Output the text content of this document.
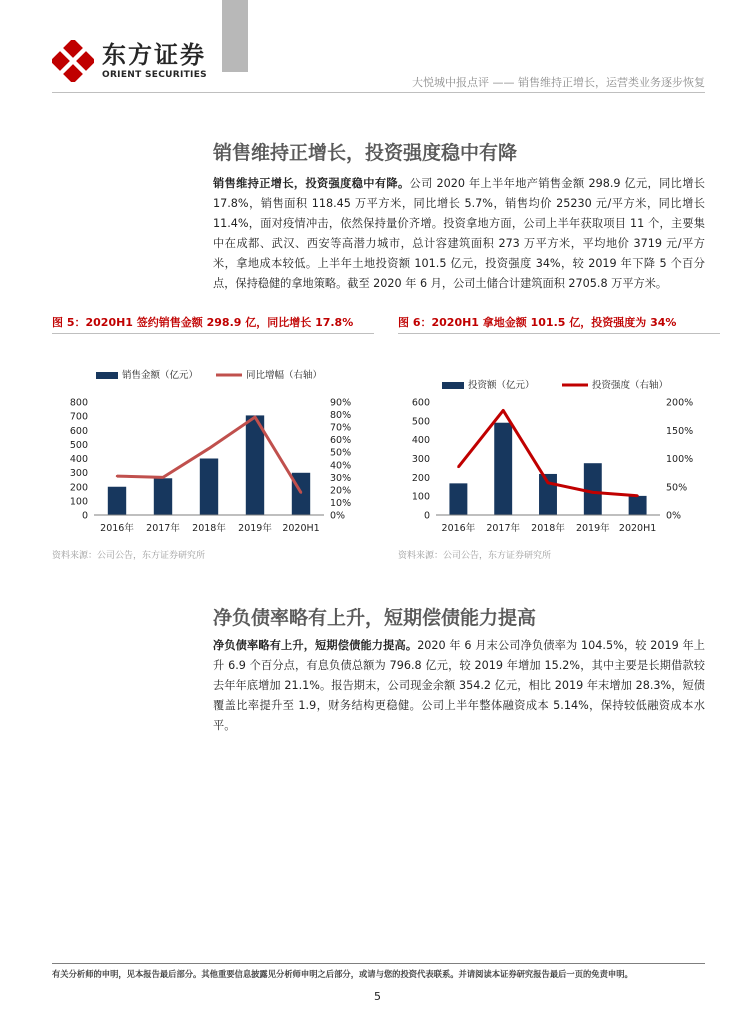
东方证券
ORIENT SECURITIES
大悦城中报点评 —— 销售维持正增长，运营类业务逐步恢复
销售维持正增长，投资强度稳中有降
销售维持正增长，投资强度稳中有降。公司 2020 年上半年地产销售金额 298.9 亿元，同比增长 17.8%，销售面积 118.45 万平方米，同比增长 5.7%，销售均价 25230 元/平方米，同比增长 11.4%，面对疫情冲击，依然保持量价齐增。投资拿地方面，公司上半年获取项目 11 个，主要集中在成都、武汉、西安等高潜力城市，总计容建筑面积 273 万平方米，平均地价 3719 元/平方米，拿地成本较低。上半年土地投资额 101.5 亿元，投资强度 34%，较 2019 年下降 5 个百分点，保持稳健的拿地策略。截至 2020 年 6 月，公司土储合计建筑面积 2705.8 万平方米。
图 5：2020H1 签约销售金额 298.9 亿，同比增长 17.8%
销售金额（亿元）	同比增幅（右轴）
0
100
200
300
400
500
600
700
800
0%
10%
20%
30%
40%
50%
60%
70%
80%
90%
2016年 2017年 2018年 2019年 2020H1
资料来源：公司公告，东方证券研究所
图 6：2020H1 拿地金额 101.5 亿，投资强度为 34%
投资额（亿元）	投资强度（右轴）
0
100
200
300
400
500
600
0%
50%
100%
150%
200%
2016年 2017年 2018年 2019年 2020H1
资料来源：公司公告，东方证券研究所
净负债率略有上升，短期偿债能力提高
净负债率略有上升，短期偿债能力提高。2020 年 6 月末公司净负债率为 104.5%，较 2019 年上升 6.9 个百分点，有息负债总额为 796.8 亿元，较 2019 年增加 15.2%，其中主要是长期借款较去年年底增加 21.1%。报告期末，公司现金余额 354.2 亿元，相比 2019 年末增加 28.3%，短债覆盖比率提升至 1.9，财务结构更稳健。公司上半年整体融资成本 5.14%，保持较低融资成本水平。
有关分析师的申明，见本报告最后部分。其他重要信息披露见分析师申明之后部分，或请与您的投资代表联系。并请阅读本证券研究报告最后一页的免责申明。
5
